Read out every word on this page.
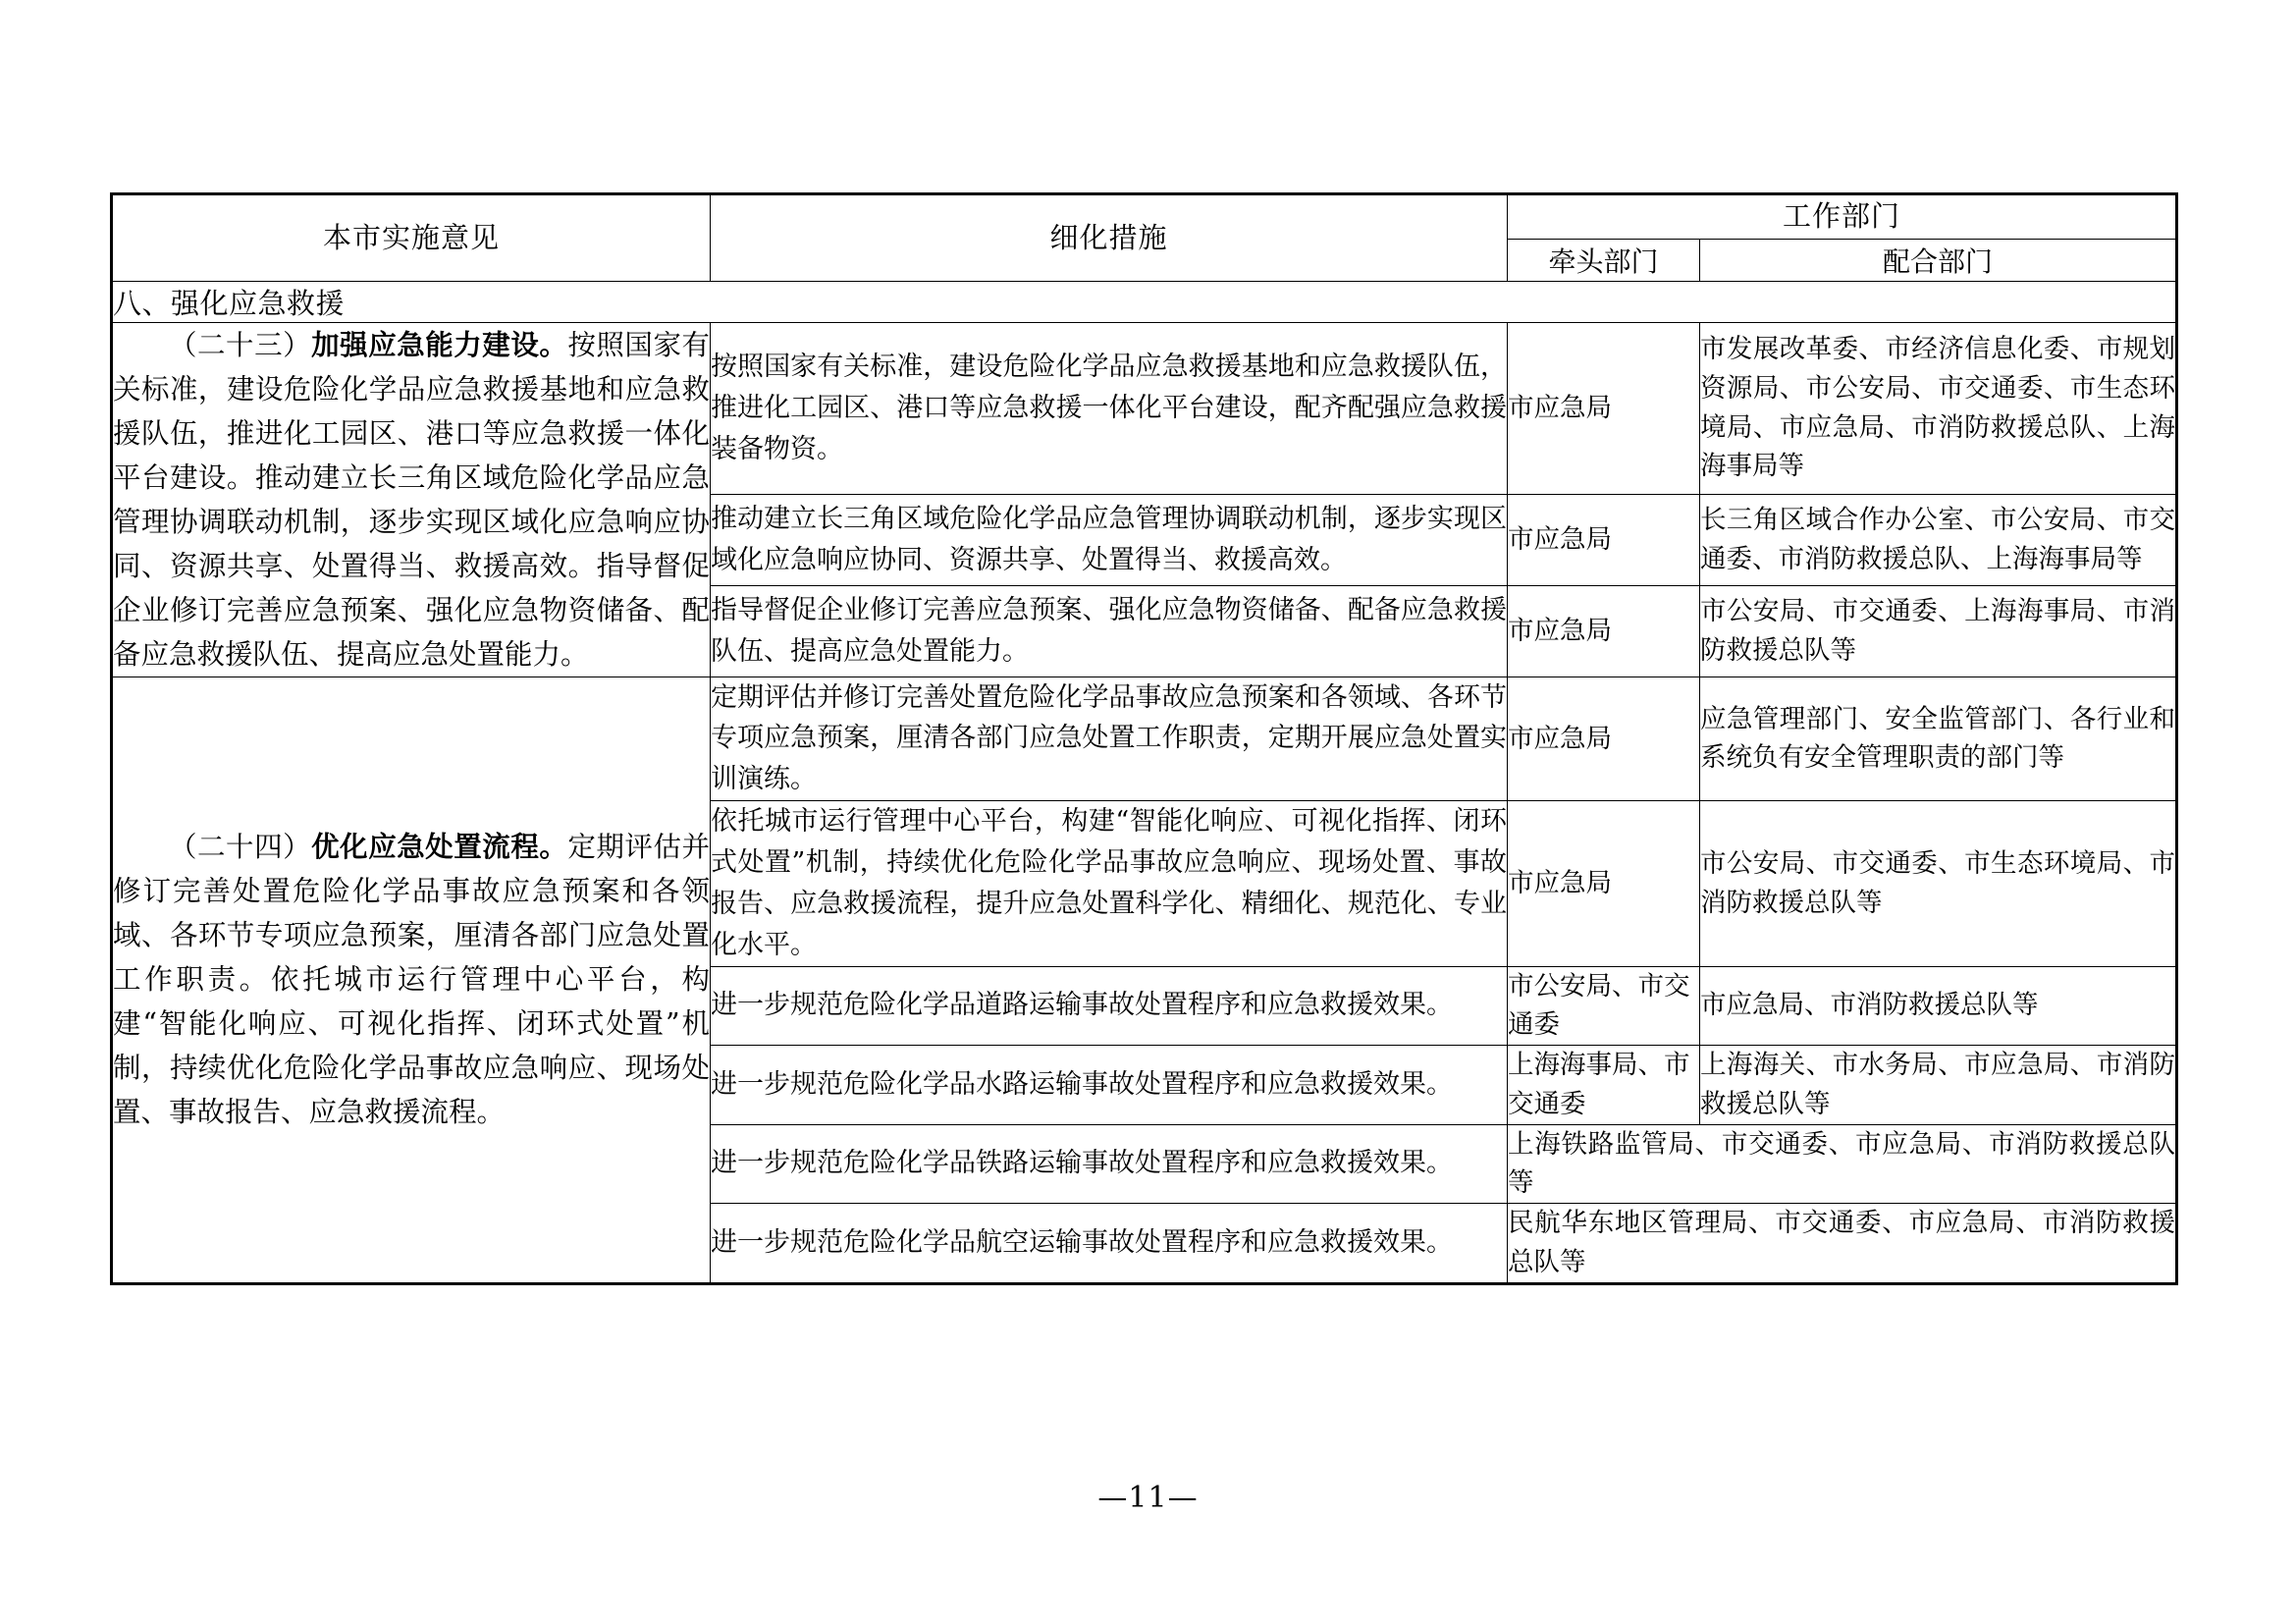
本市实施意见	细化措施	工作部门	
		牵头部门	配合部门
八、强化应急救援			
（二十三）加强应急能力建设。按照国家有关标准，建设危险化学品应急救援基地和应急救援队伍，推进化工园区、港口等应急救援一体化平台建设。推动建立长三角区域危险化学品应急管理协调联动机制，逐步实现区域化应急响应协同、资源共享、处置得当、救援高效。指导督促企业修订完善应急预案、强化应急物资储备、配备应急救援队伍、提高应急处置能力。	按照国家有关标准，建设危险化学品应急救援基地和应急救援队伍，推进化工园区、港口等应急救援一体化平台建设，配齐配强应急救援装备物资。	市应急局	市发展改革委、市经济信息化委、市规划资源局、市公安局、市交通委、市生态环境局、市应急局、市消防救援总队、上海海事局等
	推动建立长三角区域危险化学品应急管理协调联动机制，逐步实现区域化应急响应协同、资源共享、处置得当、救援高效。	市应急局	长三角区域合作办公室、市公安局、市交通委、市消防救援总队、上海海事局等
	指导督促企业修订完善应急预案、强化应急物资储备、配备应急救援队伍、提高应急处置能力。	市应急局	市公安局、市交通委、上海海事局、市消防救援总队等
（二十四）优化应急处置流程。定期评估并修订完善处置危险化学品事故应急预案和各领域、各环节专项应急预案，厘清各部门应急处置工作职责。依托城市运行管理中心平台，构建“智能化响应、可视化指挥、闭环式处置”机制，持续优化危险化学品事故应急响应、现场处置、事故报告、应急救援流程。	定期评估并修订完善处置危险化学品事故应急预案和各领域、各环节专项应急预案，厘清各部门应急处置工作职责，定期开展应急处置实训演练。	市应急局	应急管理部门、安全监管部门、各行业和系统负有安全管理职责的部门等
	依托城市运行管理中心平台，构建“智能化响应、可视化指挥、闭环式处置”机制，持续优化危险化学品事故应急响应、现场处置、事故报告、应急救援流程，提升应急处置科学化、精细化、规范化、专业化水平。	市应急局	市公安局、市交通委、市生态环境局、市消防救援总队等
	进一步规范危险化学品道路运输事故处置程序和应急救援效果。	市公安局、市交通委	市应急局、市消防救援总队等
	进一步规范危险化学品水路运输事故处置程序和应急救援效果。	上海海事局、市交通委	上海海关、市水务局、市应急局、市消防救援总队等
	进一步规范危险化学品铁路运输事故处置程序和应急救援效果。	上海铁路监管局、市交通委、市应急局、市消防救援总队等	
	进一步规范危险化学品航空运输事故处置程序和应急救援效果。	民航华东地区管理局、市交通委、市应急局、市消防救援总队等	
—11—
